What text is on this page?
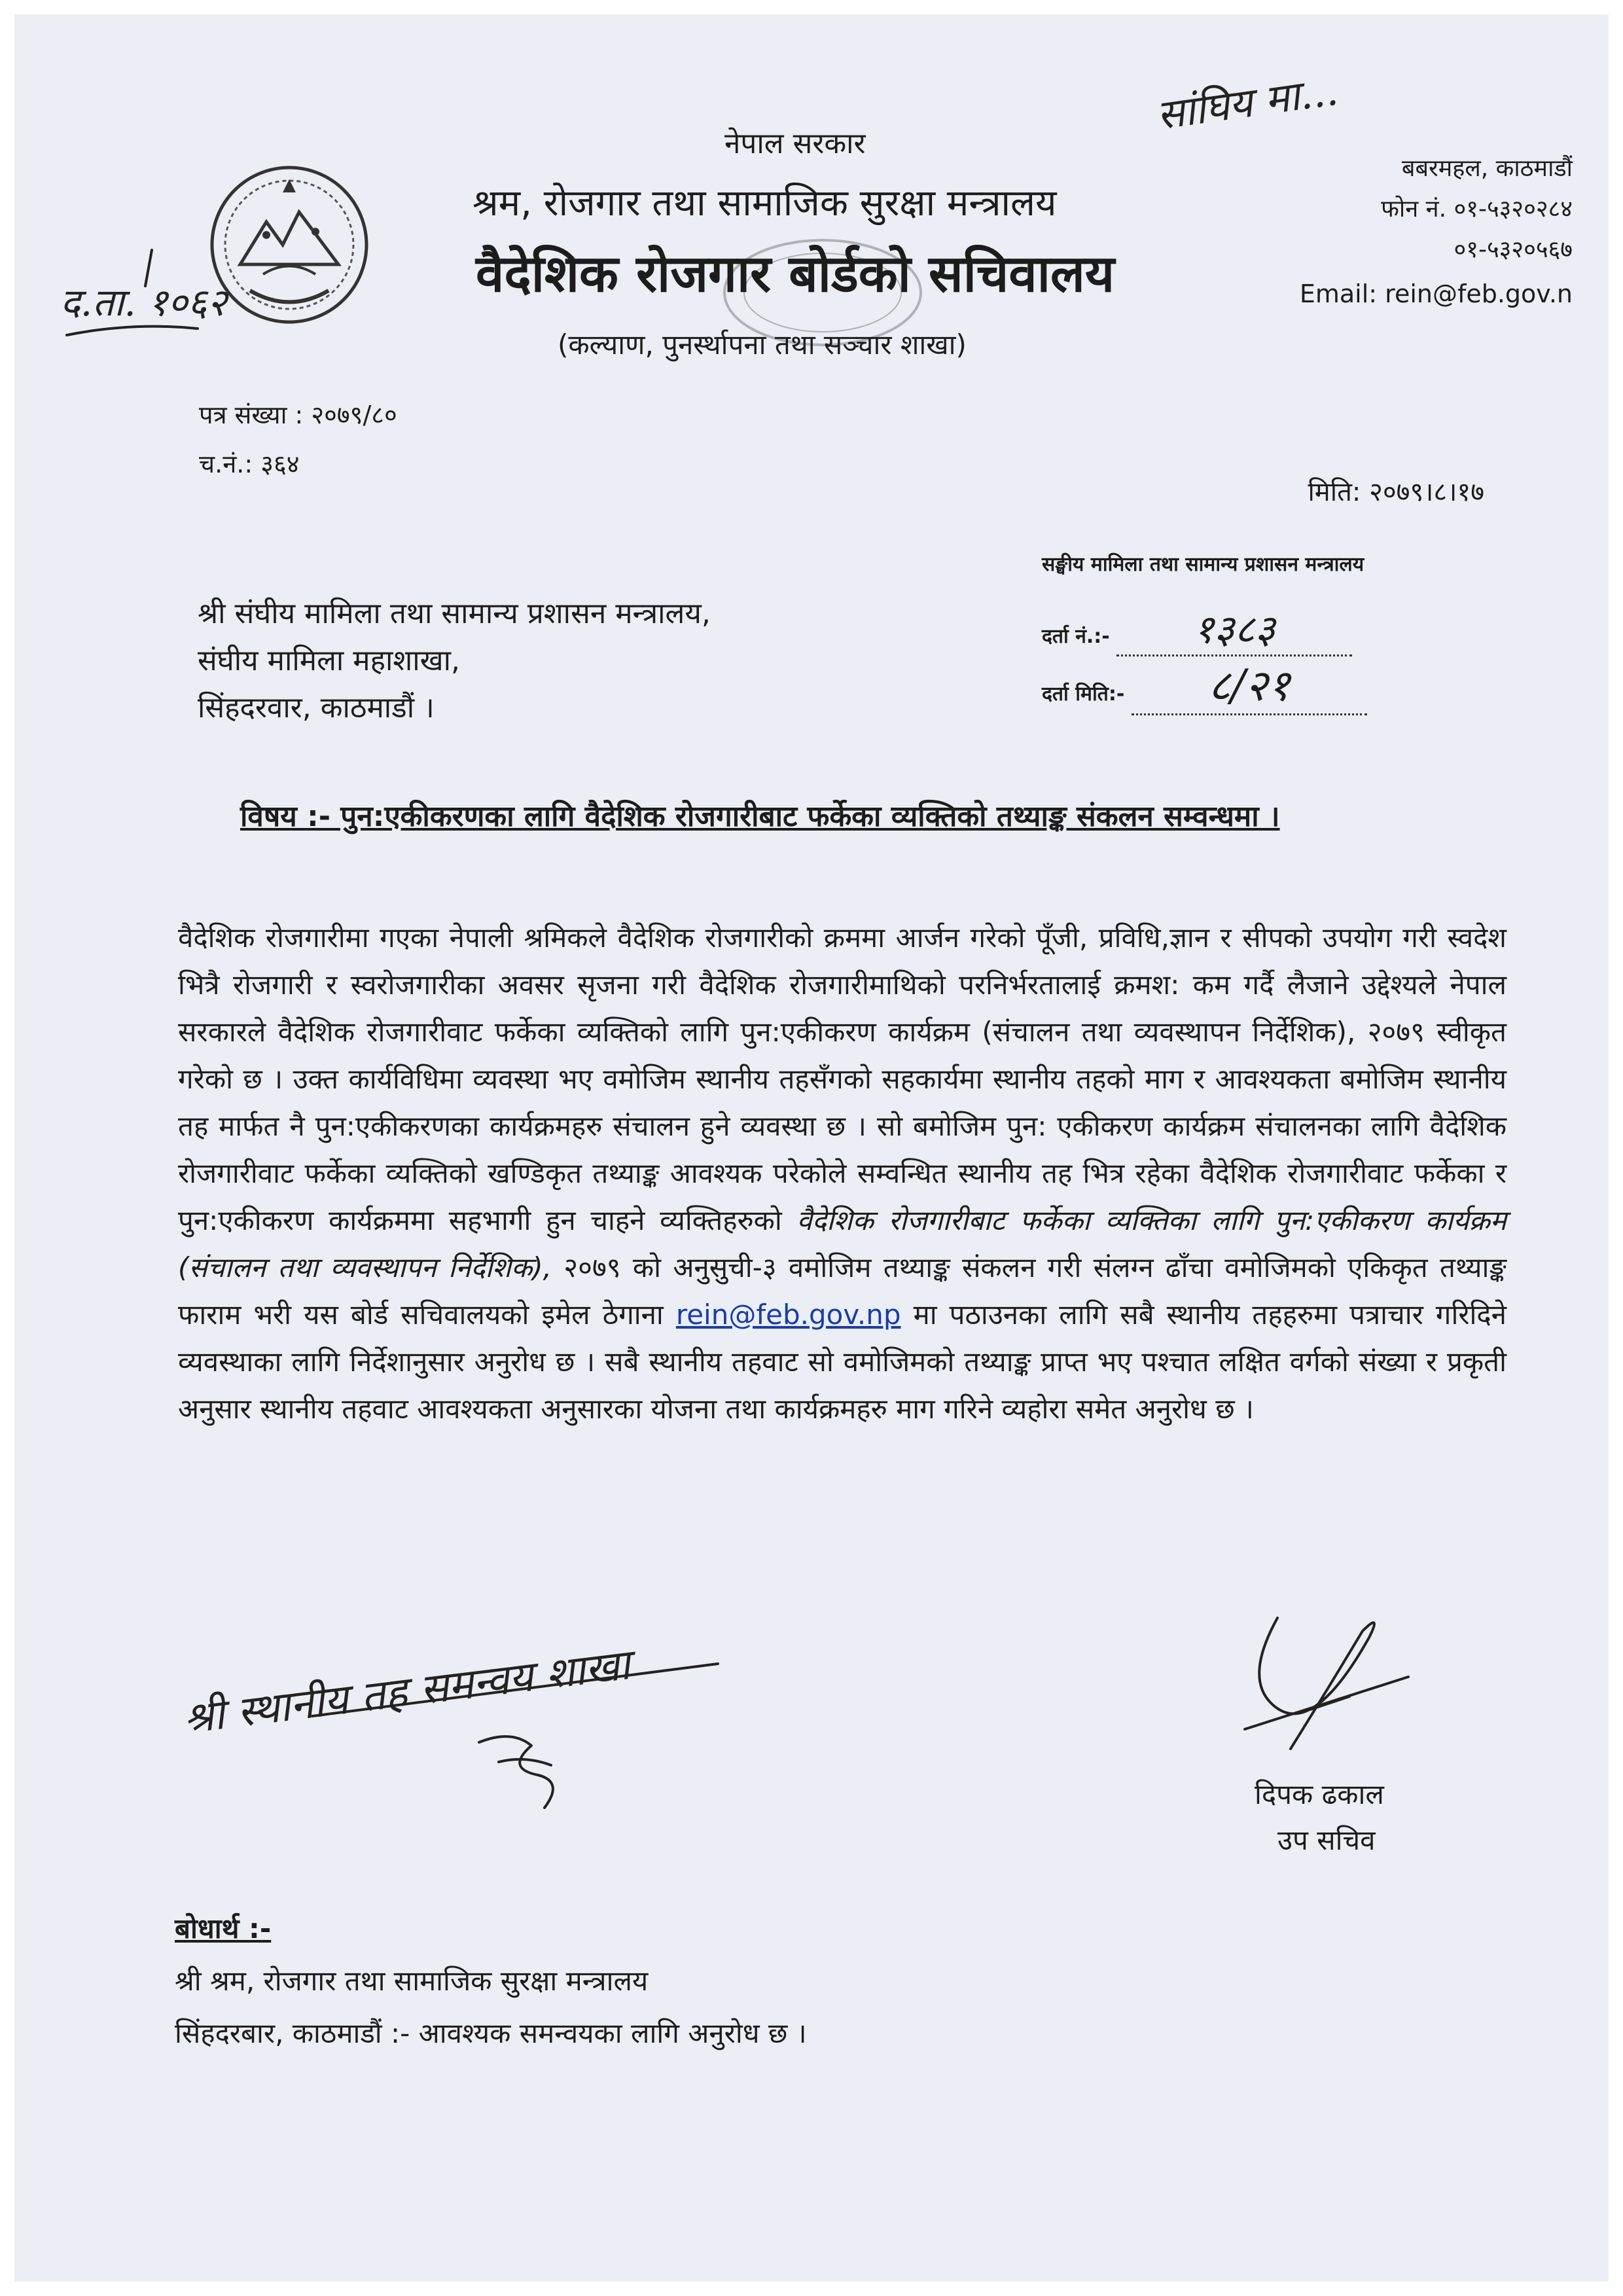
नेपाल सरकार
श्रम, रोजगार तथा सामाजिक सुरक्षा मन्त्रालय
वैदेशिक रोजगार बोर्डको सचिवालय
(कल्याण, पुनर्स्थापना तथा सञ्चार शाखा)
बबरमहल, काठमाडौं
फोन नं. ०१-५३२०२८४
०१-५३२०५६७
Email: rein@feb.gov.n
सांघिय मा...
द.ता. १०६२
पत्र संख्या : २०७९/८०
च.नं.: ३६४
मिति: २०७९।८।१७
सङ्घीय मामिला तथा सामान्य प्रशासन मन्त्रालय
दर्ता नं.:- १३८३
दर्ता मिति:- ८/२१
श्री संघीय मामिला तथा सामान्य प्रशासन मन्त्रालय,
संघीय मामिला महाशाखा,
सिंहदरवार, काठमाडौं ।
विषय :- पुन:एकीकरणका लागि वैदेशिक रोजगारीबाट फर्केका व्यक्तिको तथ्याङ्क संकलन सम्वन्धमा ।
वैदेशिक रोजगारीमा गएका नेपाली श्रमिकले वैदेशिक रोजगारीको क्रममा आर्जन गरेको पूँजी, प्रविधि,ज्ञान र सीपको उपयोग गरी स्वदेश भित्रै रोजगारी र स्वरोजगारीका अवसर सृजना गरी वैदेशिक रोजगारीमाथिको परनिर्भरतालाई क्रमश: कम गर्दै लैजाने उद्देश्यले नेपाल सरकारले वैदेशिक रोजगारीवाट फर्केका व्यक्तिको लागि पुन:एकीकरण कार्यक्रम (संचालन तथा व्यवस्थापन निर्देशिक), २०७९ स्वीकृत गरेको छ । उक्त कार्यविधिमा व्यवस्था भए वमोजिम स्थानीय तहसँगको सहकार्यमा स्थानीय तहको माग र आवश्यकता बमोजिम स्थानीय तह मार्फत नै पुन:एकीकरणका कार्यक्रमहरु संचालन हुने व्यवस्था छ । सो बमोजिम पुन: एकीकरण कार्यक्रम संचालनका लागि वैदेशिक रोजगारीवाट फर्केका व्यक्तिको खण्डिकृत तथ्याङ्क आवश्यक परेकोले सम्वन्धित स्थानीय तह भित्र रहेका वैदेशिक रोजगारीवाट फर्केका र पुन:एकीकरण कार्यक्रममा सहभागी हुन चाहने व्यक्तिहरुको वैदेशिक रोजगारीबाट फर्केका व्यक्तिका लागि पुन:एकीकरण कार्यक्रम (संचालन तथा व्यवस्थापन निर्देशिक), २०७९ को अनुसुची-३ वमोजिम तथ्याङ्क संकलन गरी संलग्न ढाँचा वमोजिमको एकिकृत तथ्याङ्क फाराम भरी यस बोर्ड सचिवालयको इमेल ठेगाना rein@feb.gov.np मा पठाउनका लागि सबै स्थानीय तहहरुमा पत्राचार गरिदिने व्यवस्थाका लागि निर्देशानुसार अनुरोध छ । सबै स्थानीय तहवाट सो वमोजिमको तथ्याङ्क प्राप्त भए पश्चात लक्षित वर्गको संख्या र प्रकृती अनुसार स्थानीय तहवाट आवश्यकता अनुसारका योजना तथा कार्यक्रमहरु माग गरिने व्यहोरा समेत अनुरोध छ ।
श्री स्थानीय तह समन्वय शाखा
दिपक ढकाल
उप सचिव
बोधार्थ :-
श्री श्रम, रोजगार तथा सामाजिक सुरक्षा मन्त्रालय
सिंहदरबार, काठमाडौं :- आवश्यक समन्वयका लागि अनुरोध छ ।
